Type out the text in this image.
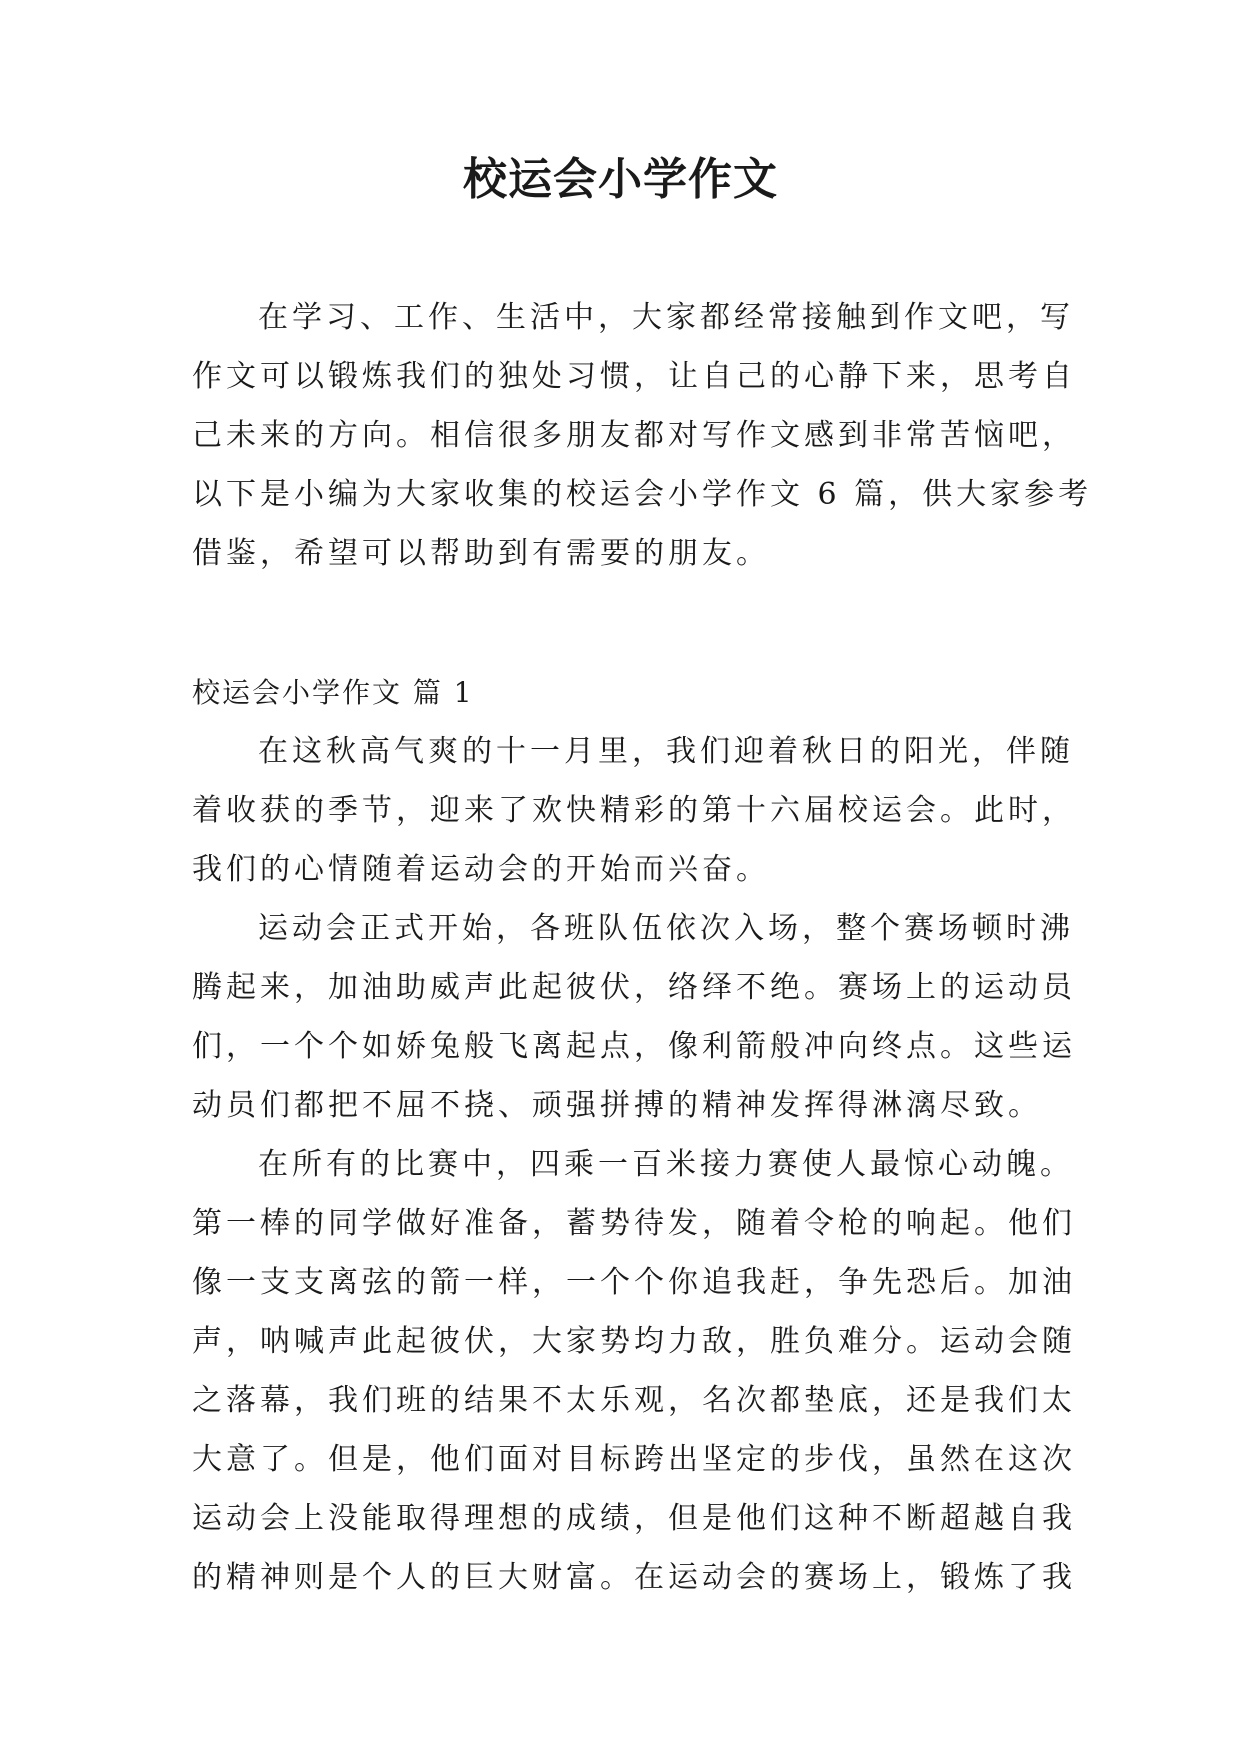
校运会小学作文
在学习、工作、生活中，大家都经常接触到作文吧，写
作文可以锻炼我们的独处习惯，让自己的心静下来，思考自
己未来的方向。相信很多朋友都对写作文感到非常苦恼吧，
以下是小编为大家收集的校运会小学作文 6 篇，供大家参考
借鉴，希望可以帮助到有需要的朋友。
校运会小学作文 篇 1
在这秋高气爽的十一月里，我们迎着秋日的阳光，伴随
着收获的季节，迎来了欢快精彩的第十六届校运会。此时，
我们的心情随着运动会的开始而兴奋。
运动会正式开始，各班队伍依次入场，整个赛场顿时沸
腾起来，加油助威声此起彼伏，络绎不绝。赛场上的运动员
们，一个个如娇兔般飞离起点，像利箭般冲向终点。这些运
动员们都把不屈不挠、顽强拼搏的精神发挥得淋漓尽致。
在所有的比赛中，四乘一百米接力赛使人最惊心动魄。
第一棒的同学做好准备，蓄势待发，随着令枪的响起。他们
像一支支离弦的箭一样，一个个你追我赶，争先恐后。加油
声，呐喊声此起彼伏，大家势均力敌，胜负难分。运动会随
之落幕，我们班的结果不太乐观，名次都垫底，还是我们太
大意了。但是，他们面对目标跨出坚定的步伐，虽然在这次
运动会上没能取得理想的成绩，但是他们这种不断超越自我
的精神则是个人的巨大财富。在运动会的赛场上，锻炼了我
